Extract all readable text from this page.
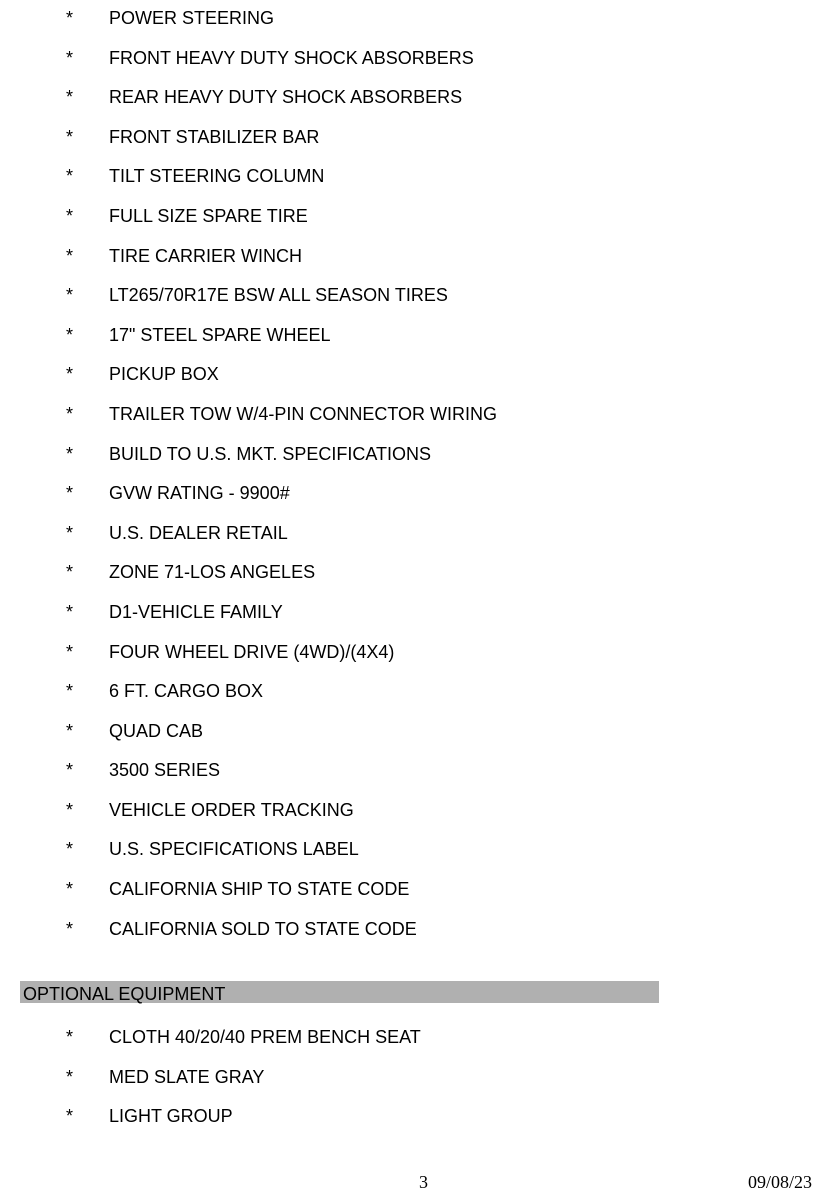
* POWER STEERING
* FRONT HEAVY DUTY SHOCK ABSORBERS
* REAR HEAVY DUTY SHOCK ABSORBERS
* FRONT STABILIZER BAR
* TILT STEERING COLUMN
* FULL SIZE SPARE TIRE
* TIRE CARRIER WINCH
* LT265/70R17E BSW ALL SEASON TIRES
* 17" STEEL SPARE WHEEL
* PICKUP BOX
* TRAILER TOW W/4-PIN CONNECTOR WIRING
* BUILD TO U.S. MKT. SPECIFICATIONS
* GVW RATING - 9900#
* U.S. DEALER RETAIL
* ZONE 71-LOS ANGELES
* D1-VEHICLE FAMILY
* FOUR WHEEL DRIVE (4WD)/(4X4)
* 6 FT. CARGO BOX
* QUAD CAB
* 3500 SERIES
* VEHICLE ORDER TRACKING
* U.S. SPECIFICATIONS LABEL
* CALIFORNIA SHIP TO STATE CODE
* CALIFORNIA SOLD TO STATE CODE
OPTIONAL EQUIPMENT
* CLOTH 40/20/40 PREM BENCH SEAT
* MED SLATE GRAY
* LIGHT GROUP
3	09/08/23
